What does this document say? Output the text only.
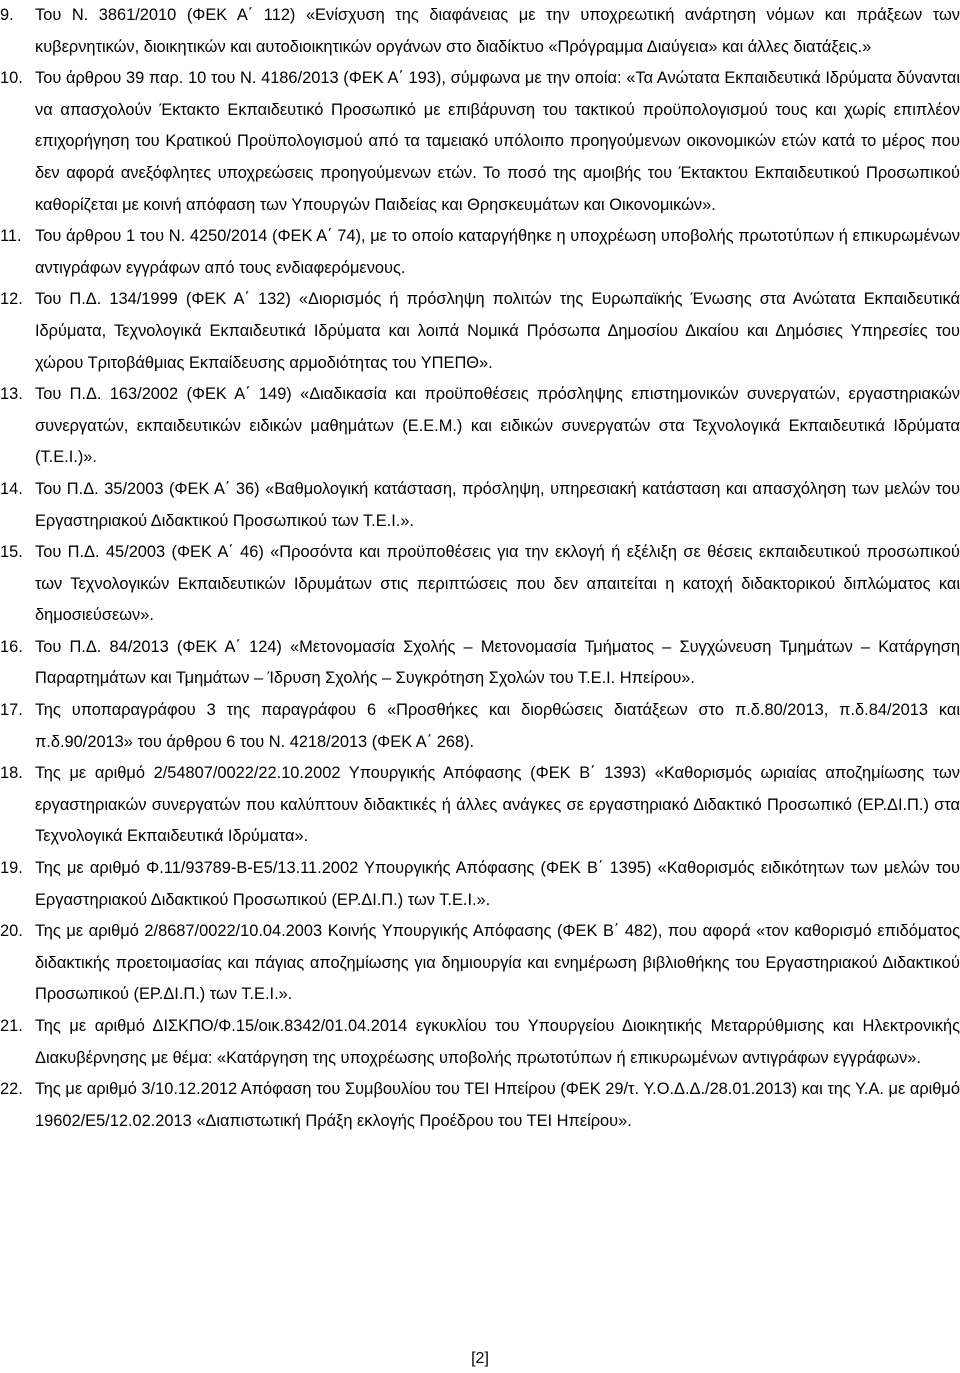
9. Του Ν. 3861/2010 (ΦΕΚ Α΄ 112) «Ενίσχυση της διαφάνειας με την υποχρεωτική ανάρτηση νόμων και πράξεων των κυβερνητικών, διοικητικών και αυτοδιοικητικών οργάνων στο διαδίκτυο «Πρόγραμμα Διαύγεια» και άλλες διατάξεις.»
10. Του άρθρου 39 παρ. 10 του Ν. 4186/2013 (ΦΕΚ Α΄ 193), σύμφωνα με την οποία: «Τα Ανώτατα Εκπαιδευτικά Ιδρύματα δύνανται να απασχολούν Έκτακτο Εκπαιδευτικό Προσωπικό με επιβάρυνση του τακτικού προϋπολογισμού τους και χωρίς επιπλέον επιχορήγηση του Κρατικού Προϋπολογισμού από τα ταμειακό υπόλοιπο προηγούμενων οικονομικών ετών κατά το μέρος που δεν αφορά ανεξόφλητες υποχρεώσεις προηγούμενων ετών. Το ποσό της αμοιβής του Έκτακτου Εκπαιδευτικού Προσωπικού καθορίζεται με κοινή απόφαση των Υπουργών Παιδείας και Θρησκευμάτων και Οικονομικών».
11. Του άρθρου 1 του Ν. 4250/2014 (ΦΕΚ Α΄ 74), με το οποίο καταργήθηκε η υποχρέωση υποβολής πρωτοτύπων ή επικυρωμένων αντιγράφων εγγράφων από τους ενδιαφερόμενους.
12. Του Π.Δ. 134/1999 (ΦΕΚ Α΄ 132) «Διορισμός ή πρόσληψη πολιτών της Ευρωπαϊκής Ένωσης στα Ανώτατα Εκπαιδευτικά Ιδρύματα, Τεχνολογικά Εκπαιδευτικά Ιδρύματα και λοιπά Νομικά Πρόσωπα Δημοσίου Δικαίου και Δημόσιες Υπηρεσίες του χώρου Τριτοβάθμιας Εκπαίδευσης αρμοδιότητας του ΥΠΕΠΘ».
13. Του Π.Δ. 163/2002 (ΦΕΚ Α΄ 149) «Διαδικασία και προϋποθέσεις πρόσληψης επιστημονικών συνεργατών, εργαστηριακών συνεργατών, εκπαιδευτικών ειδικών μαθημάτων (Ε.Ε.Μ.) και ειδικών συνεργατών στα Τεχνολογικά Εκπαιδευτικά Ιδρύματα (Τ.Ε.Ι.)».
14. Του Π.Δ. 35/2003 (ΦΕΚ Α΄ 36) «Βαθμολογική κατάσταση, πρόσληψη, υπηρεσιακή κατάσταση και απασχόληση των μελών του Εργαστηριακού Διδακτικού Προσωπικού των Τ.Ε.Ι.».
15. Του Π.Δ. 45/2003 (ΦΕΚ Α΄ 46) «Προσόντα και προϋποθέσεις για την εκλογή ή εξέλιξη σε θέσεις εκπαιδευτικού προσωπικού των Τεχνολογικών Εκπαιδευτικών Ιδρυμάτων στις περιπτώσεις που δεν απαιτείται η κατοχή διδακτορικού διπλώματος και δημοσιεύσεων».
16. Του Π.Δ. 84/2013 (ΦΕΚ Α΄ 124) «Μετονομασία Σχολής – Μετονομασία Τμήματος – Συγχώνευση Τμημάτων – Κατάργηση Παραρτημάτων και Τμημάτων – Ίδρυση Σχολής – Συγκρότηση Σχολών του Τ.Ε.Ι. Ηπείρου».
17. Της υποπαραγράφου 3 της παραγράφου 6 «Προσθήκες και διορθώσεις διατάξεων στο π.δ.80/2013, π.δ.84/2013 και π.δ.90/2013» του άρθρου 6 του Ν. 4218/2013 (ΦΕΚ Α΄ 268).
18. Της με αριθμό 2/54807/0022/22.10.2002 Υπουργικής Απόφασης (ΦΕΚ Β΄ 1393) «Καθορισμός ωριαίας αποζημίωσης των εργαστηριακών συνεργατών που καλύπτουν διδακτικές ή άλλες ανάγκες σε εργαστηριακό Διδακτικό Προσωπικό (ΕΡ.ΔΙ.Π.) στα Τεχνολογικά Εκπαιδευτικά Ιδρύματα».
19. Της με αριθμό Φ.11/93789-Β-Ε5/13.11.2002 Υπουργικής Απόφασης (ΦΕΚ Β΄ 1395) «Καθορισμός ειδικότητων των μελών του Εργαστηριακού Διδακτικού Προσωπικού (ΕΡ.ΔΙ.Π.) των Τ.Ε.Ι.».
20. Της με αριθμό 2/8687/0022/10.04.2003 Κοινής Υπουργικής Απόφασης (ΦΕΚ Β΄ 482), που αφορά «τον καθορισμό επιδόματος διδακτικής προετοιμασίας και πάγιας αποζημίωσης για δημιουργία και ενημέρωση βιβλιοθήκης του Εργαστηριακού Διδακτικού Προσωπικού (ΕΡ.ΔΙ.Π.) των Τ.Ε.Ι.».
21. Της με αριθμό ΔΙΣΚΠΟ/Φ.15/οικ.8342/01.04.2014 εγκυκλίου του Υπουργείου Διοικητικής Μεταρρύθμισης και Ηλεκτρονικής Διακυβέρνησης με θέμα: «Κατάργηση της υποχρέωσης υποβολής πρωτοτύπων ή επικυρωμένων αντιγράφων εγγράφων».
22. Της με αριθμό 3/10.12.2012 Απόφαση του Συμβουλίου του ΤΕΙ Ηπείρου (ΦΕΚ 29/τ. Υ.Ο.Δ.Δ./28.01.2013) και της Υ.Α. με αριθμό 19602/Ε5/12.02.2013 «Διαπιστωτική Πράξη εκλογής Προέδρου του ΤΕΙ Ηπείρου».
[2]
